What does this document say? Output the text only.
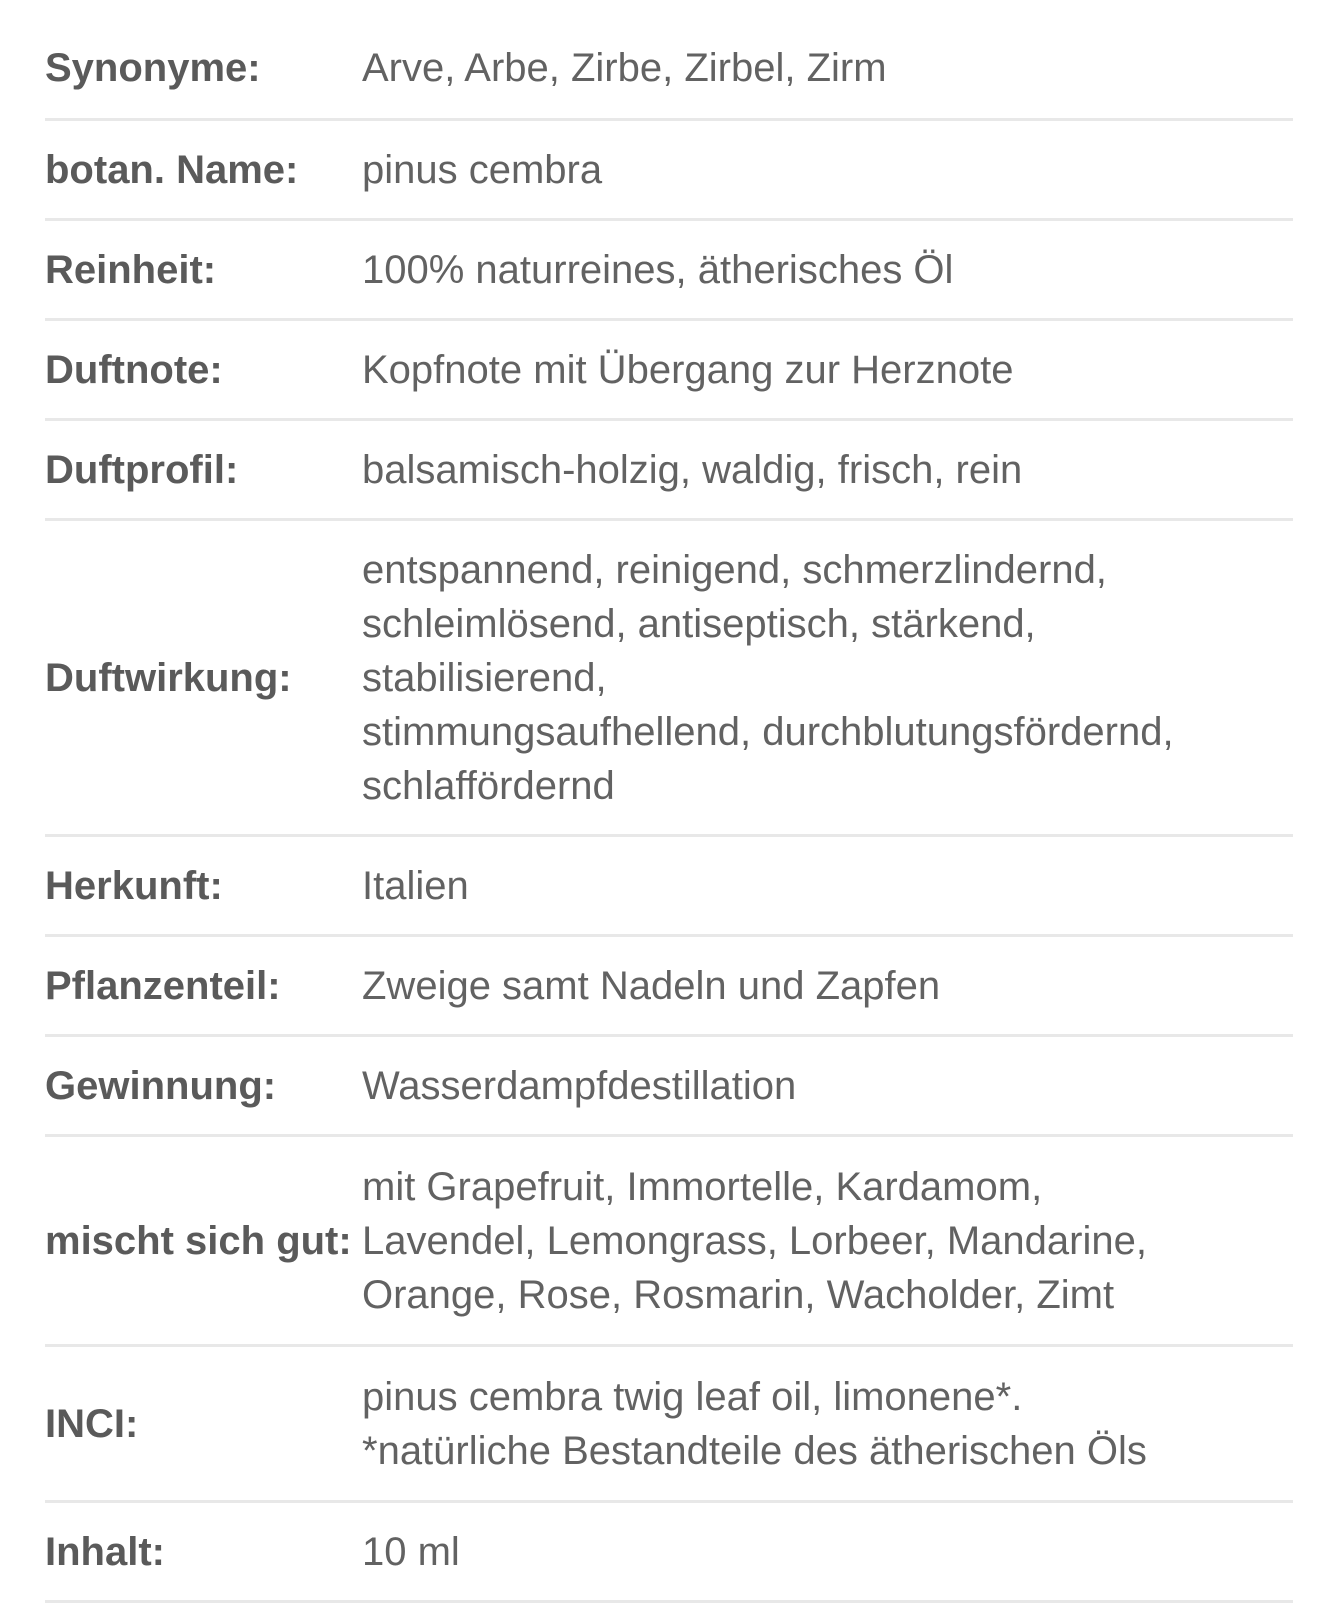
Synonyme:	Arve, Arbe, Zirbe, Zirbel, Zirm
botan. Name:	pinus cembra
Reinheit:	100% naturreines, ätherisches Öl
Duftnote:	Kopfnote mit Übergang zur Herznote
Duftprofil:	balsamisch-holzig, waldig, frisch, rein
Duftwirkung:
entspannend, reinigend, schmerzlindernd,
schleimlösend, antiseptisch, stärkend,
stabilisierend,
stimmungsaufhellend, durchblutungsfördernd,
schlaffördernd
Herkunft:	Italien
Pflanzenteil:	Zweige samt Nadeln und Zapfen
Gewinnung:	Wasserdampfdestillation
mischt sich gut:
mit Grapefruit, Immortelle, Kardamom,
Lavendel, Lemongrass, Lorbeer, Mandarine,
Orange, Rose, Rosmarin, Wacholder, Zimt
INCI:
pinus cembra twig leaf oil, limonene*.
*natürliche Bestandteile des ätherischen Öls
Inhalt:	10 ml
